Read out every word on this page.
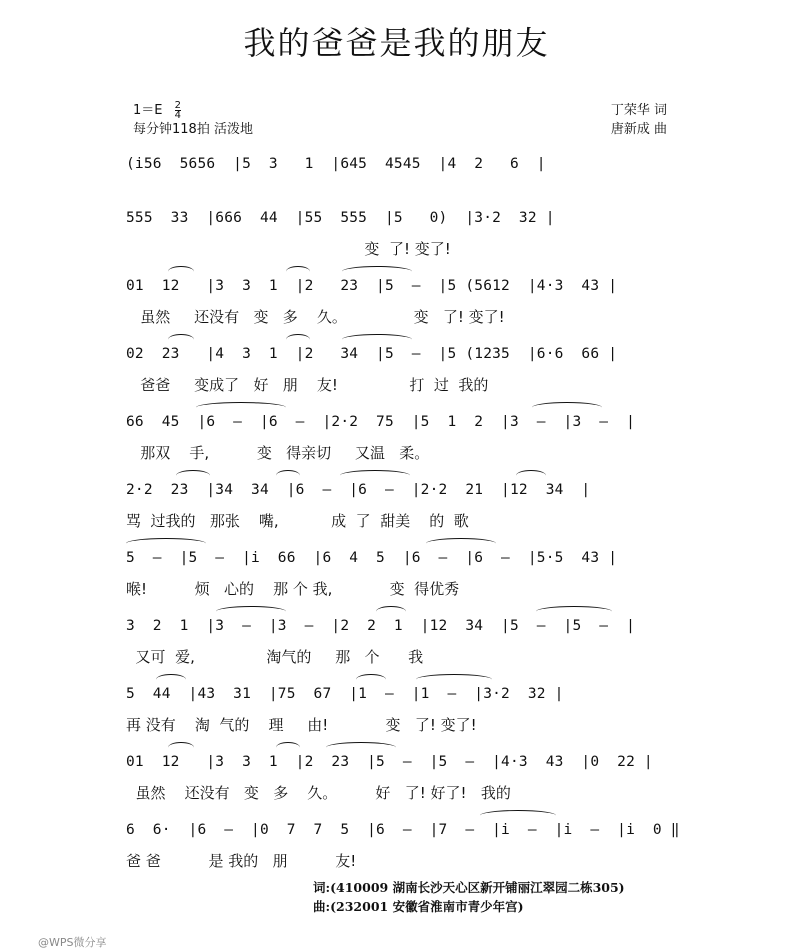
我的爸爸是我的朋友
$1=E \frac{2}{4}$
每分钟118拍 活泼地
丁荣华 词
唐新成 曲
(i56  5656  |5  3   1  |645  4545  |4  2   6  |
555  33  |666  44  |55  555  |5   0)  |3·2  32 |
变  了! 变了!
01  12   |3  3  1  |2   23  |5  —  |5 (5612  |4·3  43 |
虽然     还没有   变   多    久。              变   了! 变了!
02  23   |4  3  1  |2   34  |5  —  |5 (1235  |6·6  66 |
爸爸     变成了   好   朋    友!               打  过  我的
66  45  |6  —  |6  —  |2·2  75  |5  1  2  |3  —  |3  —  |
那双    手,          变   得亲切     又温   柔。
2·2  23  |34  34  |6  —  |6  —  |2·2  21  |12  34  |
骂  过我的   那张    嘴,           成  了  甜美    的  歌
5  —  |5  —  |i  66  |6  4  5  |6  —  |6  —  |5·5  43 |
喉!          烦   心的    那 个 我,            变  得优秀
3  2  1  |3  —  |3  —  |2  2  1  |12  34  |5  —  |5  —  |
又可  爱,               淘气的     那   个      我
5  44  |43  31  |75  67  |1  —  |1  —  |3·2  32 |
再 没有    淘  气的    理     由!            变   了! 变了!
01  12   |3  3  1  |2  23  |5  —  |5  —  |4·3  43  |0  22 |
虽然    还没有   变   多    久。        好   了! 好了!   我的
6  6·  |6  —  |0  7  7  5  |6  —  |7  —  |i  —  |i  —  |i  0 ‖
爸 爸          是 我的   朋          友!
词:(410009 湖南长沙天心区新开铺丽江翠园二栋305)
曲:(232001 安徽省淮南市青少年宫)
@WPS微分享
